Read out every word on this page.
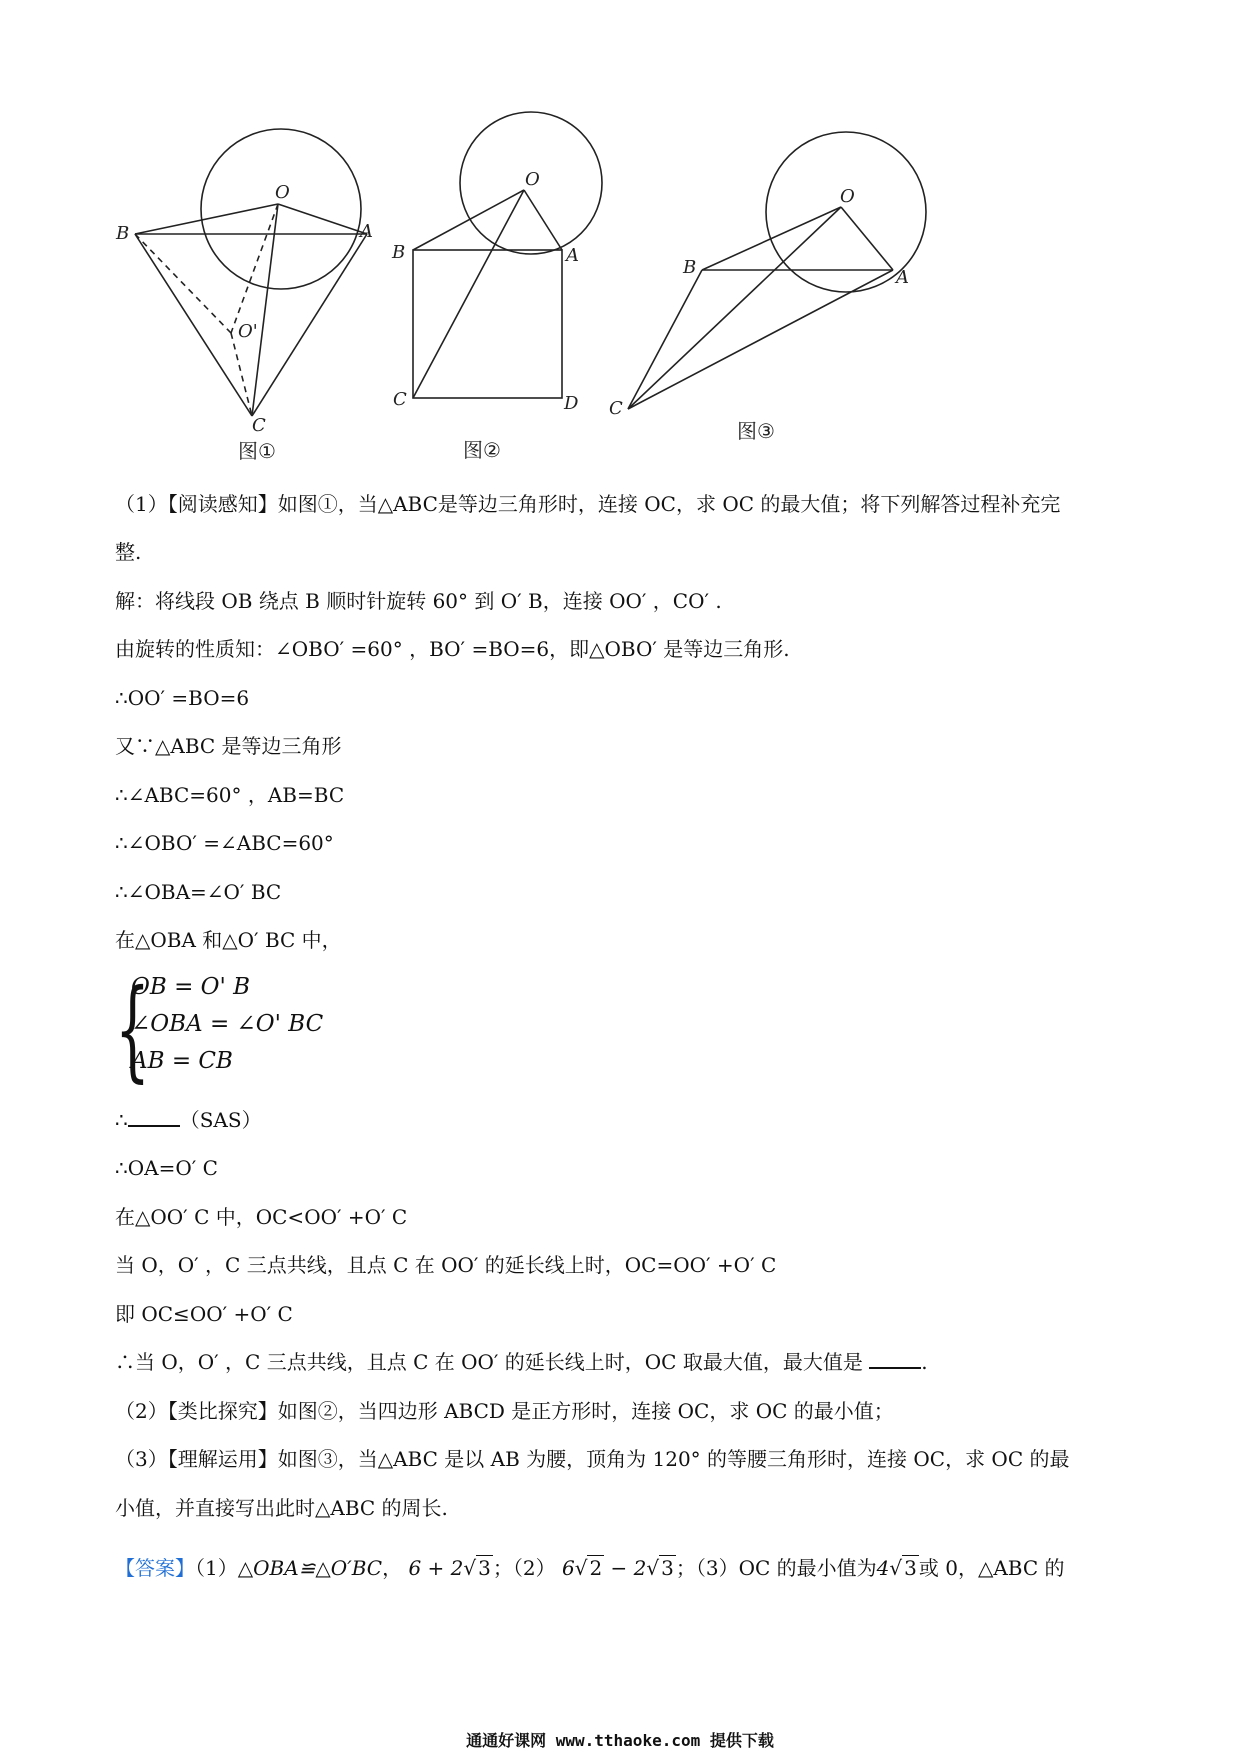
O
B	A
O'
C
图①
O
B	A
C	D
图②
O
B	A
C
图③
（1）【阅读感知】如图①，当△ABC是等边三角形时，连接 OC，求 OC 的最大值；将下列解答过程补充完
整.
解：将线段 OB 绕点 B 顺时针旋转 60° 到 O′ B，连接 OO′ ，CO′ .
由旋转的性质知：∠OBO′ =60° ，BO′ =BO=6，即△OBO′ 是等边三角形.
∴OO′ =BO=6
又∵△ABC 是等边三角形
∴∠ABC=60° ，AB=BC
∴∠OBO′ =∠ABC=60°
∴∠OBA=∠O′ BC
在△OBA 和△O′ BC 中，
{
OB = O' B
∠OBA = ∠O' BC
AB = CB
∴	（SAS）
∴OA=O′ C
在△OO′ C 中，OC<OO′ +O′ C
当 O，O′ ，C 三点共线，且点 C 在 OO′ 的延长线上时，OC=OO′ +O′ C
即 OC≤OO′ +O′ C
∴当 O，O′ ，C 三点共线，且点 C 在 OO′ 的延长线上时，OC 取最大值，最大值是	.
（2）【类比探究】如图②，当四边形 ABCD 是正方形时，连接 OC，求 OC 的最小值；
（3）【理解运用】如图③，当△ABC 是以 AB 为腰，顶角为 120° 的等腰三角形时，连接 OC，求 OC 的最
小值，并直接写出此时△ABC 的周长.
【答案】（1）△OBA≌△O′BC， 6 + 2√ 3 ；（2） 6√ 2 − 2√ 3 ；（3）OC 的最小值为4√ 3 或 0，△ABC 的
通通好课网 www.tthaoke.com 提供下载
